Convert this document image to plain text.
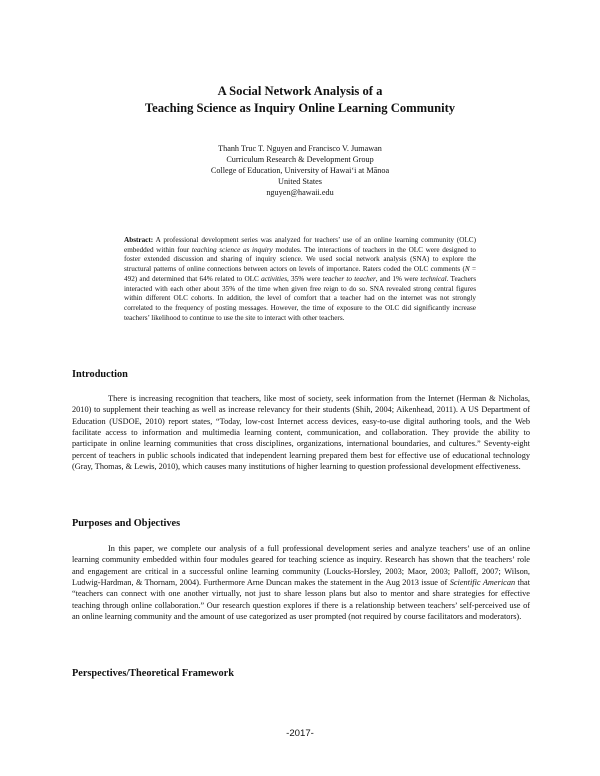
A Social Network Analysis of a
Teaching Science as Inquiry Online Learning Community
Thanh Truc T. Nguyen and Francisco V. Jumawan
Curriculum Research & Development Group
College of Education, University of Hawai‘i at Mānoa
United States
nguyen@hawaii.edu
Abstract: A professional development series was analyzed for teachers’ use of an online learning community (OLC) embedded within four teaching science as inquiry modules. The interactions of teachers in the OLC were designed to foster extended discussion and sharing of inquiry science. We used social network analysis (SNA) to explore the structural patterns of online connections between actors on levels of importance. Raters coded the OLC comments (N = 492) and determined that 64% related to OLC activities, 35% were teacher to teacher, and 1% were technical. Teachers interacted with each other about 35% of the time when given free reign to do so. SNA revealed strong central figures within different OLC cohorts. In addition, the level of comfort that a teacher had on the internet was not strongly correlated to the frequency of posting messages. However, the time of exposure to the OLC did significantly increase teachers’ likelihood to continue to use the site to interact with other teachers.
Introduction

There is increasing recognition that teachers, like most of society, seek information from the Internet (Herman & Nicholas, 2010) to supplement their teaching as well as increase relevancy for their students (Shih, 2004; Aikenhead, 2011). A US Department of Education (USDOE, 2010) report states, “Today, low-cost Internet access devices, easy-to-use digital authoring tools, and the Web facilitate access to information and multimedia learning content, communication, and collaboration. They provide the ability to participate in online learning communities that cross disciplines, organizations, international boundaries, and cultures.” Seventy-eight percent of teachers in public schools indicated that independent learning prepared them best for effective use of educational technology (Gray, Thomas, & Lewis, 2010), which causes many institutions of higher learning to question professional development effectiveness.

Purposes and Objectives

In this paper, we complete our analysis of a full professional development series and analyze teachers’ use of an online learning community embedded within four modules geared for teaching science as inquiry. Research has shown that the teachers’ role and engagement are critical in a successful online learning community (Loucks-Horsley, 2003; Maor, 2003; Palloff, 2007; Wilson, Ludwig-Hardman, & Thornam, 2004). Furthermore Arne Duncan makes the statement in the Aug 2013 issue of Scientific American that “teachers can connect with one another virtually, not just to share lesson plans but also to mentor and share strategies for effective teaching through online collaboration.” Our research question explores if there is a relationship between teachers’ self-perceived use of an online learning community and the amount of use categorized as user prompted (not required by course facilitators and moderators).

Perspectives/Theoretical Framework
-2017-
